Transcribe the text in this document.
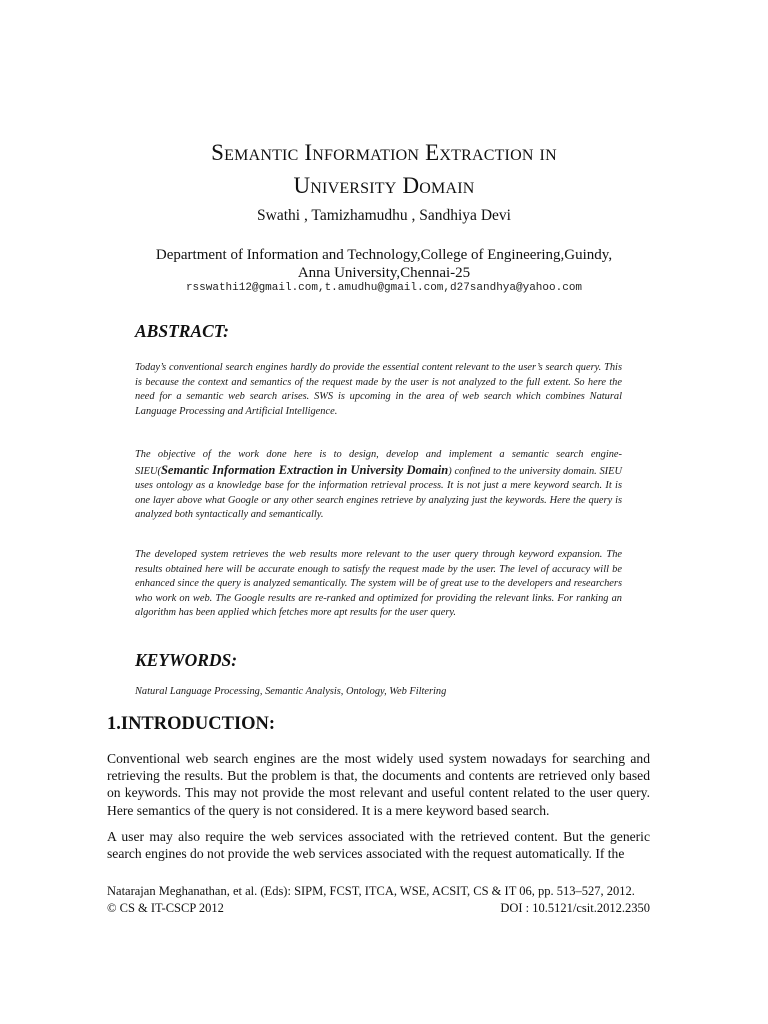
Semantic Information Extraction in
University Domain
Swathi , Tamizhamudhu , Sandhiya Devi
Department of Information and Technology,College of Engineering,Guindy,
Anna University,Chennai-25
rsswathi12@gmail.com,t.amudhu@gmail.com,d27sandhya@yahoo.com
ABSTRACT:
Today’s conventional search engines hardly do provide the essential content relevant to the user’s search query. This is because the context and semantics of the request made by the user is not analyzed to the full extent. So here the need for a semantic web search arises. SWS is upcoming in the area of web search which combines Natural Language Processing and Artificial Intelligence.
The objective of the work done here is to design, develop and implement a semantic search engine- SIEU(Semantic Information Extraction in University Domain) confined to the university domain. SIEU uses ontology as a knowledge base for the information retrieval process. It is not just a mere keyword search. It is one layer above what Google or any other search engines retrieve by analyzing just the keywords. Here the query is analyzed both syntactically and semantically.
The developed system retrieves the web results more relevant to the user query through keyword expansion. The results obtained here will be accurate enough to satisfy the request made by the user. The level of accuracy will be enhanced since the query is analyzed semantically. The system will be of great use to the developers and researchers who work on web. The Google results are re-ranked and optimized for providing the relevant links. For ranking an algorithm has been applied which fetches more apt results for the user query.
KEYWORDS:
Natural Language Processing, Semantic Analysis, Ontology, Web Filtering
1.INTRODUCTION:
Conventional web search engines are the most widely used system nowadays for searching and retrieving the results. But the problem is that, the documents and contents are retrieved only based on keywords. This may not provide the most relevant and useful content related to the user query. Here semantics of the query is not considered. It is a mere keyword based search.
A user may also require the web services associated with the retrieved content. But the generic search engines do not provide the web services associated with the request automatically. If the
Natarajan Meghanathan, et al. (Eds): SIPM, FCST, ITCA, WSE, ACSIT, CS & IT 06, pp. 513–527, 2012.
© CS & IT-CSCP 2012	DOI : 10.5121/csit.2012.2350
